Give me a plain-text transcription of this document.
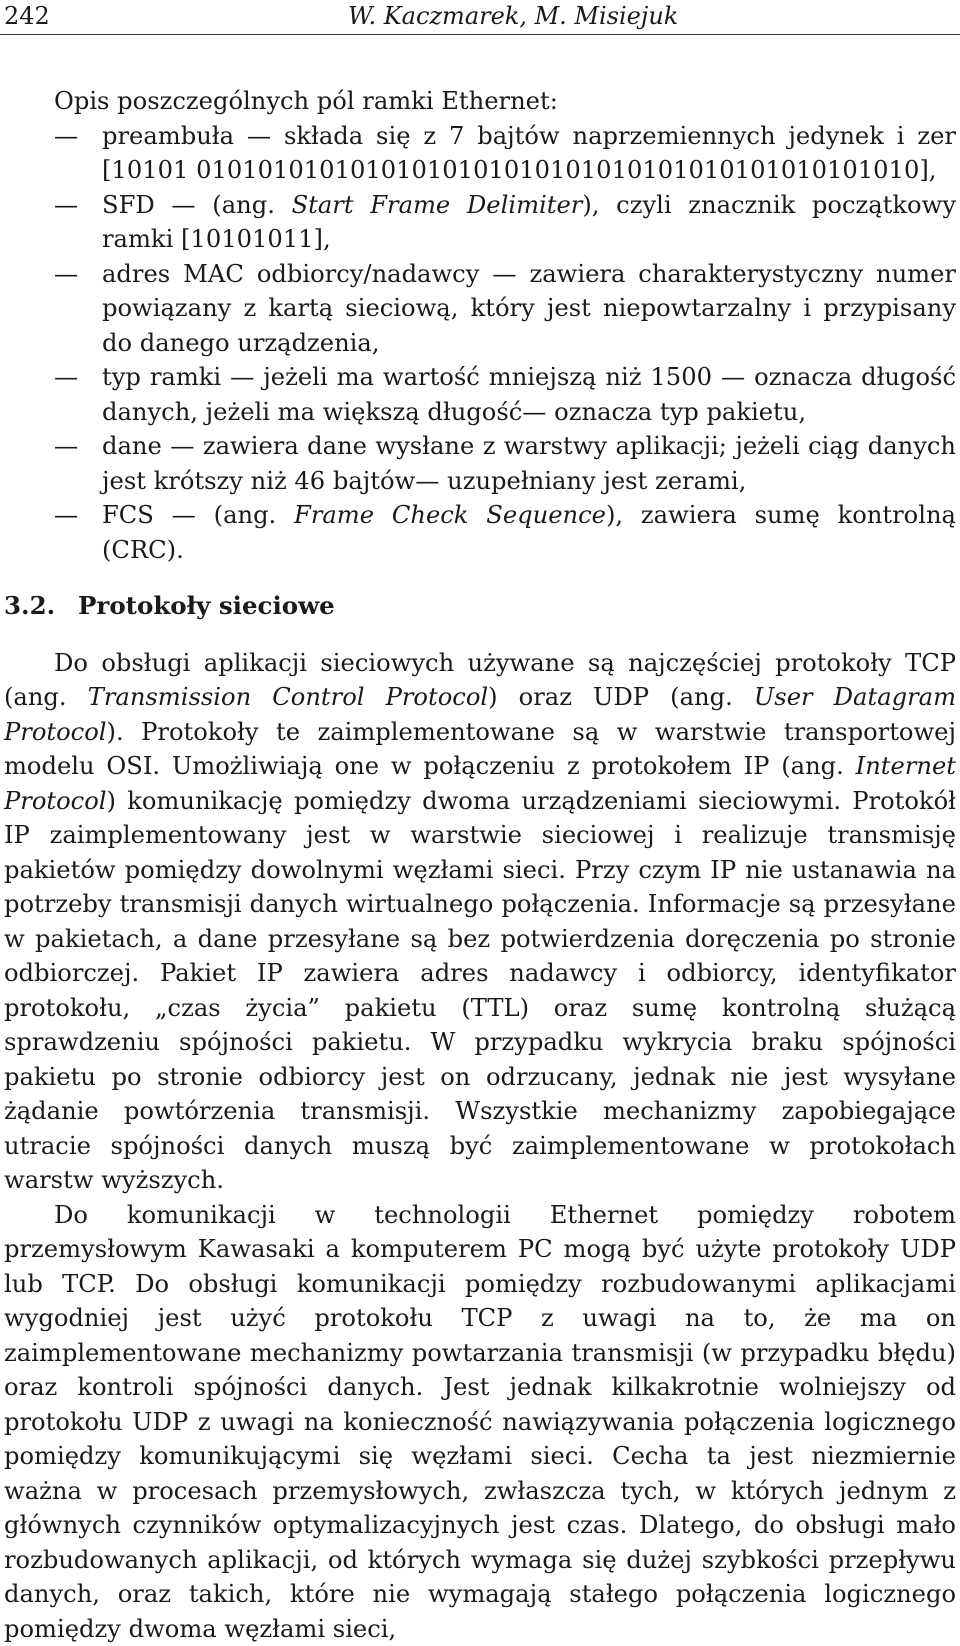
242	W. Kaczmarek, M. Misiejuk
Opis poszczególnych pól ramki Ethernet:
— preambuła — składa się z 7 bajtów naprzemiennych jedynek i zer [10101 01010101010101010101010101010101010101010101010],
— SFD — (ang. Start Frame Delimiter), czyli znacznik początkowy ramki [10101011],
— adres MAC odbiorcy/nadawcy — zawiera charakterystyczny numer powiązany z kartą sieciową, który jest niepowtarzalny i przypisany do danego urządzenia,
— typ ramki — jeżeli ma wartość mniejszą niż 1500 — oznacza długość danych, jeżeli ma większą długość— oznacza typ pakietu,
— dane — zawiera dane wysłane z warstwy aplikacji; jeżeli ciąg danych jest krótszy niż 46 bajtów— uzupełniany jest zerami,
— FCS — (ang. Frame Check Sequence), zawiera sumę kontrolną (CRC).
3.2. Protokoły sieciowe

Do obsługi aplikacji sieciowych używane są najczęściej protokoły TCP (ang. Transmission Control Protocol) oraz UDP (ang. User Datagram Protocol). Protokoły te zaimplementowane są w warstwie transportowej modelu OSI. Umożliwiają one w połączeniu z protokołem IP (ang. Internet Protocol) komunikację pomiędzy dwoma urządzeniami sieciowymi. Protokół IP zaimplementowany jest w warstwie sieciowej i realizuje transmisję pakietów pomiędzy dowolnymi węzłami sieci. Przy czym IP nie ustanawia na potrzeby transmisji danych wirtualnego połączenia. Informacje są przesyłane w pakietach, a dane przesyłane są bez potwierdzenia doręczenia po stronie odbiorczej. Pakiet IP zawiera adres nadawcy i odbiorcy, identyfikator protokołu, „czas życia” pakietu (TTL) oraz sumę kontrolną służącą sprawdzeniu spójności pakietu. W przypadku wykrycia braku spójności pakietu po stronie odbiorcy jest on odrzucany, jednak nie jest wysyłane żądanie powtórzenia transmisji. Wszystkie mechanizmy zapobiegające utracie spójności danych muszą być zaimplementowane w protokołach warstw wyższych.

Do komunikacji w technologii Ethernet pomiędzy robotem przemysłowym Kawasaki a komputerem PC mogą być użyte protokoły UDP lub TCP. Do obsługi komunikacji pomiędzy rozbudowanymi aplikacjami wygodniej jest użyć protokołu TCP z uwagi na to, że ma on zaimplementowane mechanizmy powtarzania transmisji (w przypadku błędu) oraz kontroli spójności danych. Jest jednak kilkakrotnie wolniejszy od protokołu UDP z uwagi na konieczność nawiązywania połączenia logicznego pomiędzy komunikującymi się węzłami sieci. Cecha ta jest niezmiernie ważna w procesach przemysłowych, zwłaszcza tych, w których jednym z głównych czynników optymalizacyjnych jest czas. Dlatego, do obsługi mało rozbudowanych aplikacji, od których wymaga się dużej szybkości przepływu danych, oraz takich, które nie wymagają stałego połączenia logicznego pomiędzy dwoma węzłami sieci,
